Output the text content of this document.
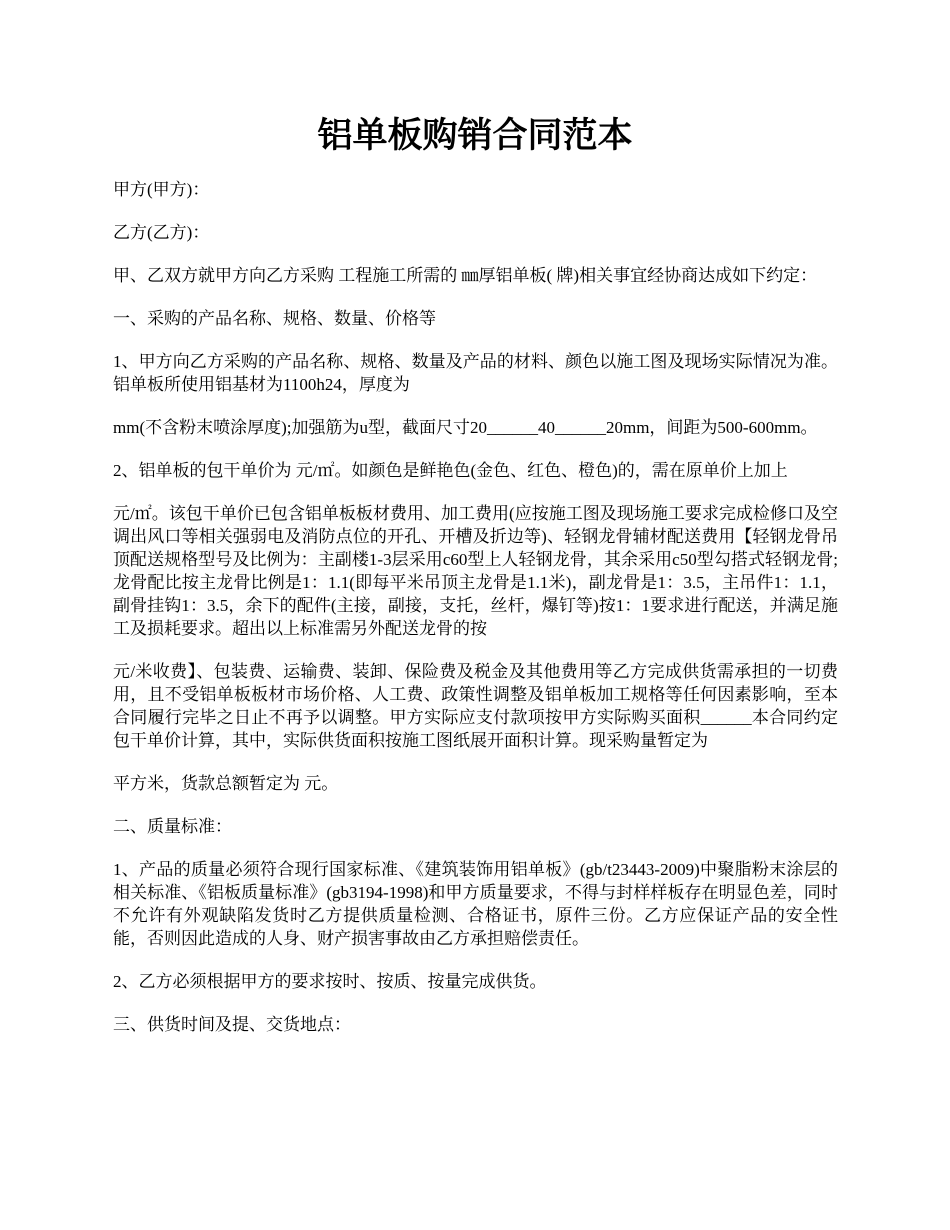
铝单板购销合同范本

甲方(甲方)：

乙方(乙方)：

甲、乙双方就甲方向乙方采购 工程施工所需的 ㎜厚铝单板( 牌)相关事宜经协商达成如下约定：

一、采购的产品名称、规格、数量、价格等

1、甲方向乙方采购的产品名称、规格、数量及产品的材料、颜色以施工图及现场实际情况为准。铝单板所使用铝基材为1100h24，厚度为

mm(不含粉末喷涂厚度);加强筋为u型，截面尺寸20______40______20mm，间距为500-600mm。

2、铝单板的包干单价为 元/㎡。如颜色是鲜艳色(金色、红色、橙色)的，需在原单价上加上

元/㎡。该包干单价已包含铝单板板材费用、加工费用(应按施工图及现场施工要求完成检修口及空调出风口等相关强弱电及消防点位的开孔、开槽及折边等)、轻钢龙骨辅材配送费用【轻钢龙骨吊顶配送规格型号及比例为：主副楼1-3层采用c60型上人轻钢龙骨，其余采用c50型勾搭式轻钢龙骨;龙骨配比按主龙骨比例是1：1.1(即每平米吊顶主龙骨是1.1米)，副龙骨是1：3.5，主吊件1：1.1，副骨挂钩1：3.5，余下的配件(主接，副接，支托，丝杆，爆钉等)按1：1要求进行配送，并满足施工及损耗要求。超出以上标准需另外配送龙骨的按

元/米收费】、包装费、运输费、装卸、保险费及税金及其他费用等乙方完成供货需承担的一切费用，且不受铝单板板材市场价格、人工费、政策性调整及铝单板加工规格等任何因素影响，至本合同履行完毕之日止不再予以调整。甲方实际应支付款项按甲方实际购买面积______本合同约定包干单价计算，其中，实际供货面积按施工图纸展开面积计算。现采购量暂定为

平方米，货款总额暂定为 元。

二、质量标准：

1、产品的质量必须符合现行国家标准、《建筑装饰用铝单板》(gb/t23443-2009)中聚脂粉末涂层的相关标准、《铝板质量标准》(gb3194-1998)和甲方质量要求，不得与封样样板存在明显色差，同时不允许有外观缺陷发货时乙方提供质量检测、合格证书，原件三份。乙方应保证产品的安全性能，否则因此造成的人身、财产损害事故由乙方承担赔偿责任。

2、乙方必须根据甲方的要求按时、按质、按量完成供货。

三、供货时间及提、交货地点：
